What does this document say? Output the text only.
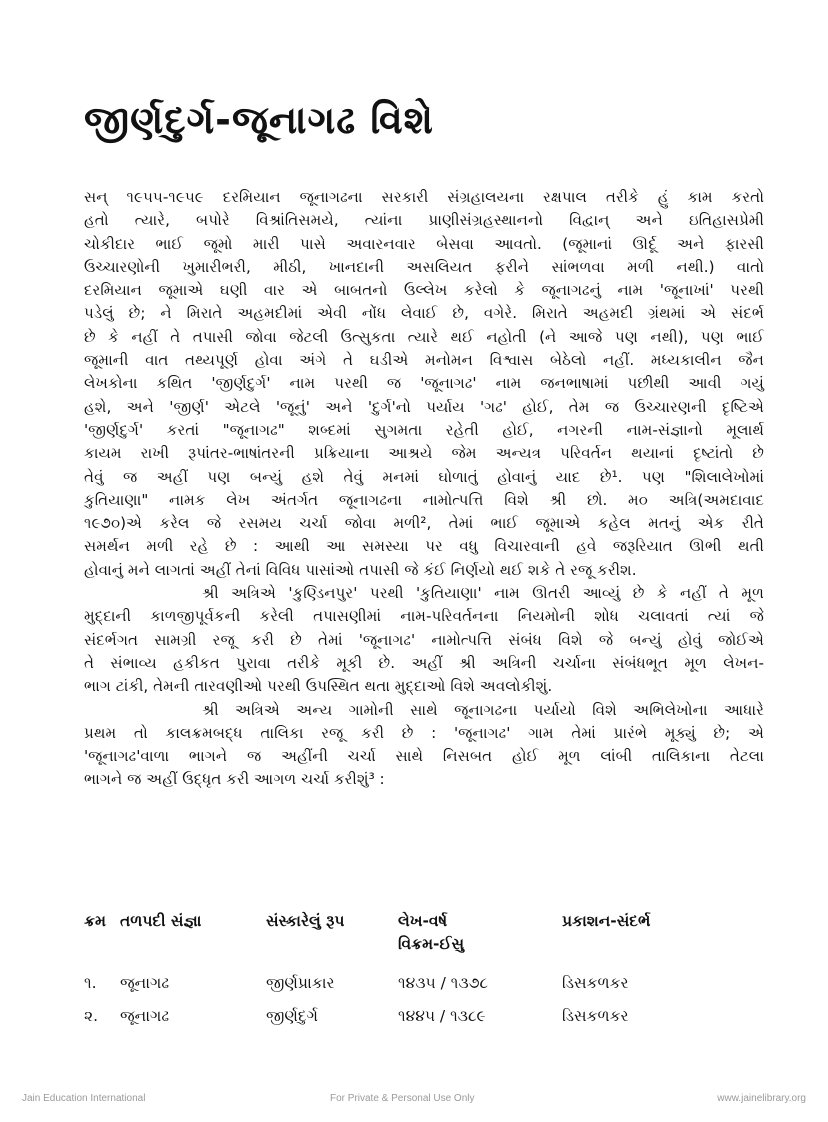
જીર્ણદુર્ગ-જૂનાગઢ વિશે

સન્ ૧૯૫૫-૧૯૫૯ દરમિયાન જૂનાગઢના સરકારી સંગ્રહાલયના રક્ષપાલ તરીકે હું કામ કરતો
હતો ત્યારે, બપોરે વિશ્રાંતિસમયે, ત્યાંના પ્રાણીસંગ્રહસ્થાનનો વિદ્વાન્ અને ઇતિહાસપ્રેમી
ચોકીદાર ભાઈ જૂમો મારી પાસે અવારનવાર બેસવા આવતો. (જૂમાનાં ઊર્દૂ અને ફારસી
ઉચ્ચારણોની ખુમારીભરી, મીઠી, ખાનદાની અસલિયત ફરીને સાંભળવા મળી નથી.) વાતો
દરમિયાન જૂમાએ ઘણી વાર એ બાબતનો ઉલ્લેખ કરેલો કે જૂનાગઢનું નામ 'જૂનાખાં' પરથી
પડેલું છે; ને મિરાતે અહમદીમાં એવી નોંધ લેવાઈ છે, વગેરે. મિરાતે અહમદી ગ્રંથમાં એ સંદર્ભ
છે કે નહીં તે તપાસી જોવા જેટલી ઉત્સુકતા ત્યારે થઈ નહોતી (ને આજે પણ નથી), પણ ભાઈ
જૂમાની વાત તથ્યપૂર્ણ હોવા અંગે તે ઘડીએ મનોમન વિશ્વાસ બેઠેલો નહીં. મધ્યકાલીન જૈન
લેખકોના કથિત 'જીર્ણદુર્ગ' નામ પરથી જ 'જૂનાગઢ' નામ જનભાષામાં પછીથી આવી ગયું
હશે, અને 'જીર્ણ' એટલે 'જૂનું' અને 'દુર્ગ'નો પર્યાય 'ગઢ' હોઈ, તેમ જ ઉચ્ચારણની દૃષ્ટિએ
'જીર્ણદુર્ગ' કરતાં "જૂનાગઢ" શબ્દમાં સુગમતા રહેતી હોઈ, નગરની નામ-સંજ્ઞાનો મૂલાર્થ
કાયમ રાખી રૂપાંતર-ભાષાંતરની પ્રક્રિયાના આશ્રયે જેમ અન્યત્ર પરિવર્તન થયાનાં દૃષ્ટાંતો છે
તેવું જ અહીં પણ બન્યું હશે તેવું મનમાં ઘોળાતું હોવાનું યાદ છે¹. પણ "શિલાલેખોમાં
કુતિયાણા" નામક લેખ અંતર્ગત જૂનાગઢના નામોત્પત્તિ વિશે શ્રી છો. મ૦ અત્રિ(અમદાવાદ
૧૯૭૦)એ કરેલ જે રસમય ચર્ચા જોવા મળી², તેમાં ભાઈ જૂમાએ કહેલ મતનું એક રીતે
સમર્થન મળી રહે છે : આથી આ સમસ્યા પર વધુ વિચારવાની હવે જરૂરિયાત ઊભી થતી
હોવાનું મને લાગતાં અહીં તેનાં વિવિધ પાસાંઓ તપાસી જે કંઈ નિર્ણયો થઈ શકે તે રજૂ કરીશ.

શ્રી અત્રિએ 'કુણ્ડિનપુર' પરથી 'કુતિયાણા' નામ ઊતરી આવ્યું છે કે નહીં તે મૂળ
મુદ્દાની કાળજીપૂર્વકની કરેલી તપાસણીમાં નામ-પરિવર્તનના નિયમોની શોધ ચલાવતાં ત્યાં જે
સંદર્ભગત સામગ્રી રજૂ કરી છે તેમાં 'જૂનાગઢ' નામોત્પત્તિ સંબંધ વિશે જે બન્યું હોવું જોઈએ
તે સંભાવ્ય હકીકત પુરાવા તરીકે મૂકી છે. અહીં શ્રી અત્રિની ચર્ચાના સંબંધભૂત મૂળ લેખન-
ભાગ ટાંકી, તેમની તારવણીઓ પરથી ઉપસ્થિત થતા મુદ્દાઓ વિશે અવલોકીશું.

શ્રી અત્રિએ અન્ય ગામોની સાથે જૂનાગઢના પર્યાયો વિશે અભિલેખોના આધારે
પ્રથમ તો કાલક્રમબદ્ધ તાલિકા રજૂ કરી છે : 'જૂનાગઢ' ગામ તેમાં પ્રારંભે મૂક્યું છે; એ
'જૂનાગઢ'વાળા ભાગને જ અહીંની ચર્ચા સાથે નિસબત હોઈ મૂળ લાંબી તાલિકાના તેટલા
ભાગને જ અહીં ઉદ્ધૃત કરી આગળ ચર્ચા કરીશું³ :

ક્રમ	તળપદી સંજ્ઞા	સંસ્કારેલું રૂપ	લેખ-વર્ષ
વિક્રમ-ઈસુ	પ્રકાશન-સંદર્ભ
૧.	જૂનાગઢ	જીર્ણપ્રાકાર	૧૪૩૫ / ૧૩૭૮	ડિસકળકર
૨.	જૂનાગઢ	જીર્ણદુર્ગ	૧૪૪૫ / ૧૩૮૯	ડિસકળકર
Jain Education International	For Private & Personal Use Only	www.jainelibrary.org
